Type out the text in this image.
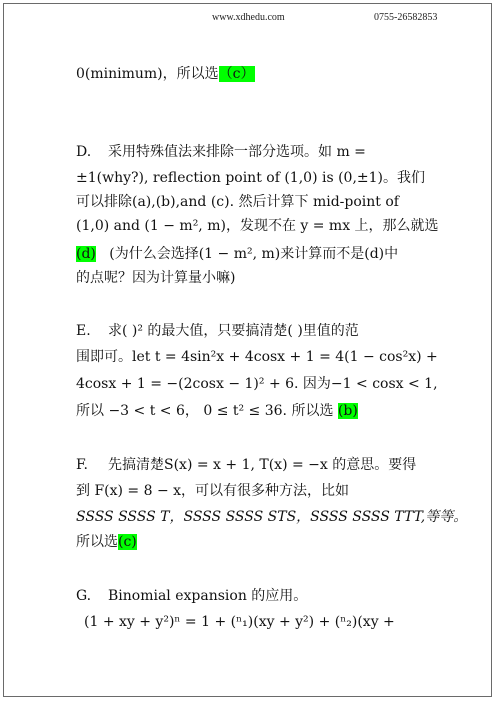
www.xdhedu.com	0755-26582853
0(minimum)，所以选（c）
D. 采用特殊值法来排除一部分选项。如 m =
±1(why?), reflection point of (1,0) is (0,±1)。我们
可以排除(a),(b),and (c). 然后计算下 mid-point of
(1,0) and (1 − m², m)，发现不在 y = mx 上，那么就选
(d) (为什么会选择(1 − m², m)来计算而不是(d)中
的点呢？因为计算量小嘛)
E. 求( )² 的最大值，只要搞清楚( )里值的范
围即可。let t = 4sin²x + 4cosx + 1 = 4(1 − cos²x) +
4cosx + 1 = −(2cosx − 1)² + 6. 因为−1 < cosx < 1,
所以 −3 < t < 6， 0 ≤ t² ≤ 36. 所以选 (b)
F. 先搞清楚S(x) = x + 1, T(x) = −x 的意思。要得
到 F(x) = 8 − x，可以有很多种方法，比如
SSSS SSSS T，SSSS SSSS STS，SSSS SSSS TTT,等等。
所以选(c)
G. Binomial expansion 的应用。
(1 + xy + y²)ⁿ = 1 + (ⁿ₁)(xy + y²) + (ⁿ₂)(xy +
